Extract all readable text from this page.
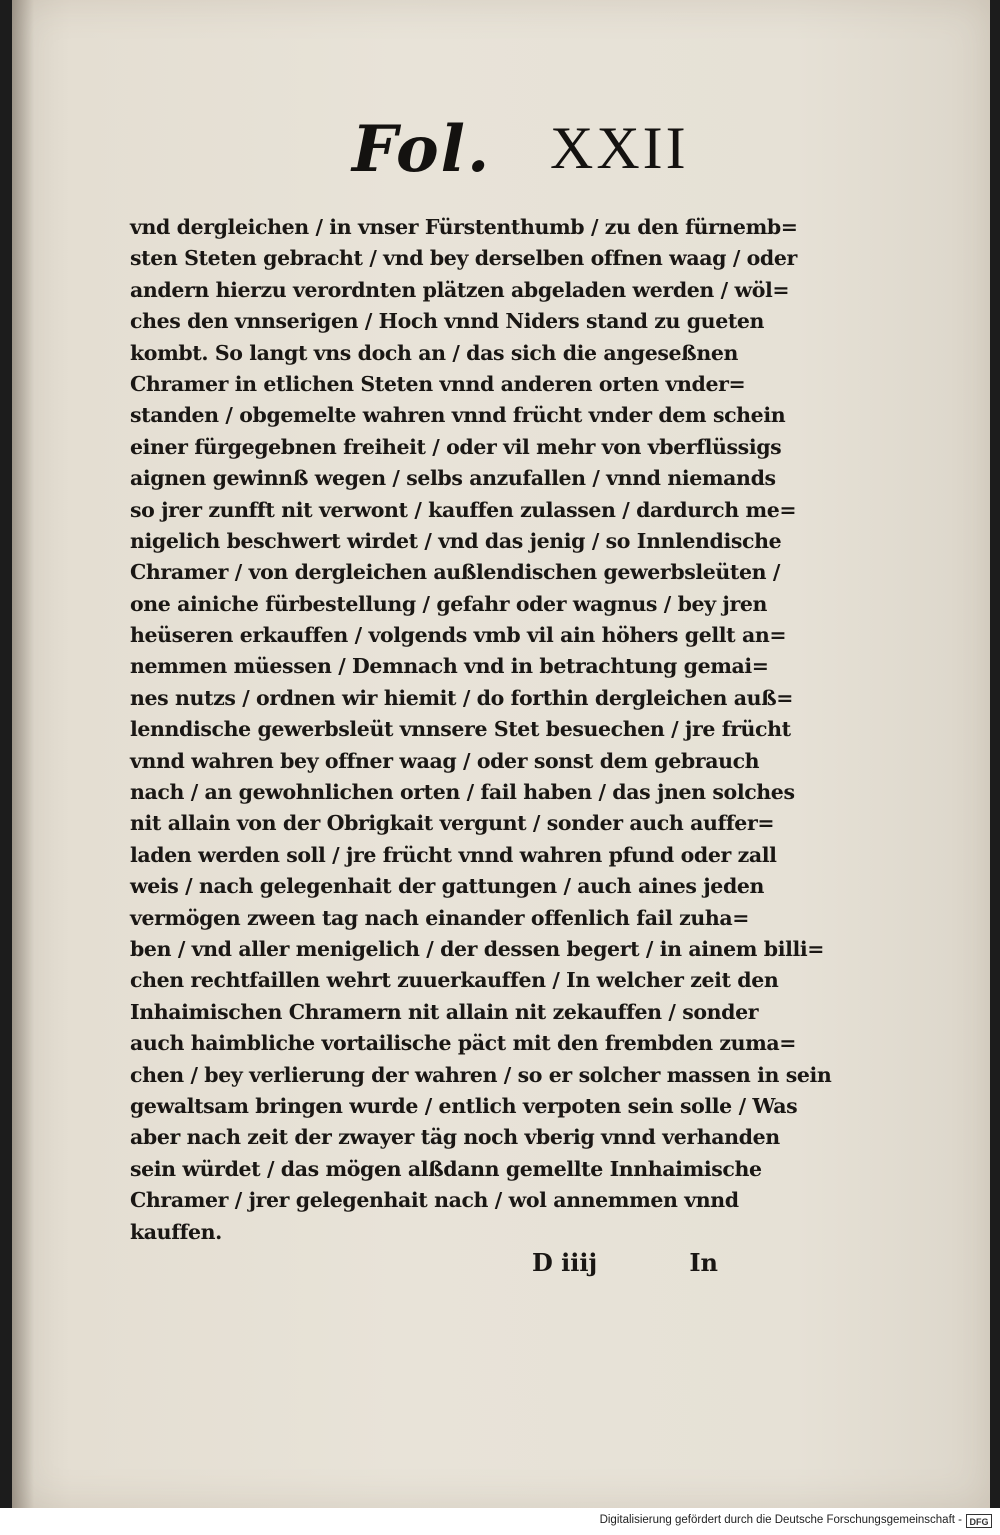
Fol. XXII
vnd dergleichen / in vnser Fürstenthumb / zu den fürnemb=
sten Steten gebracht / vnd bey derselben offnen waag / oder
andern hierzu verordnten plätzen abgeladen werden / wöl=
ches den vnnserigen / Hoch vnnd Niders stand zu gueten
kombt. So langt vns doch an / das sich die angeseßnen
Chramer in etlichen Steten vnnd anderen orten vnder=
standen / obgemelte wahren vnnd frücht vnder dem schein
einer fürgegebnen freiheit / oder vil mehr von vberflüssigs
aignen gewinnß wegen / selbs anzufallen / vnnd niemands
so jrer zunfft nit verwont / kauffen zulassen / dardurch me=
nigelich beschwert wirdet / vnd das jenig / so Innlendische
Chramer / von dergleichen außlendischen gewerbsleüten /
one ainiche fürbestellung / gefahr oder wagnus / bey jren
heüseren erkauffen / volgends vmb vil ain höhers gellt an=
nemmen müessen / Demnach vnd in betrachtung gemai=
nes nutzs / ordnen wir hiemit / do forthin dergleichen auß=
lenndische gewerbsleüt vnnsere Stet besuechen / jre frücht
vnnd wahren bey offner waag / oder sonst dem gebrauch
nach / an gewohnlichen orten / fail haben / das jnen solches
nit allain von der Obrigkait vergunt / sonder auch auffer=
laden werden soll / jre frücht vnnd wahren pfund oder zall
weis / nach gelegenhait der gattungen / auch aines jeden
vermögen zween tag nach einander offenlich fail zuha=
ben / vnd aller menigelich / der dessen begert / in ainem billi=
chen rechtfaillen wehrt zuuerkauffen / In welcher zeit den
Inhaimischen Chramern nit allain nit zekauffen / sonder
auch haimbliche vortailische päct mit den frembden zuma=
chen / bey verlierung der wahren / so er solcher massen in sein
gewaltsam bringen wurde / entlich verpoten sein solle / Was
aber nach zeit der zwayer täg noch vberig vnnd verhanden
sein würdet / das mögen alßdann gemellte Innhaimische
Chramer / jrer gelegenhait nach / wol annemmen vnnd
kauffen.
D iiij	In
Digitalisierung gefördert durch die Deutsche Forschungsgemeinschaft - DFG
